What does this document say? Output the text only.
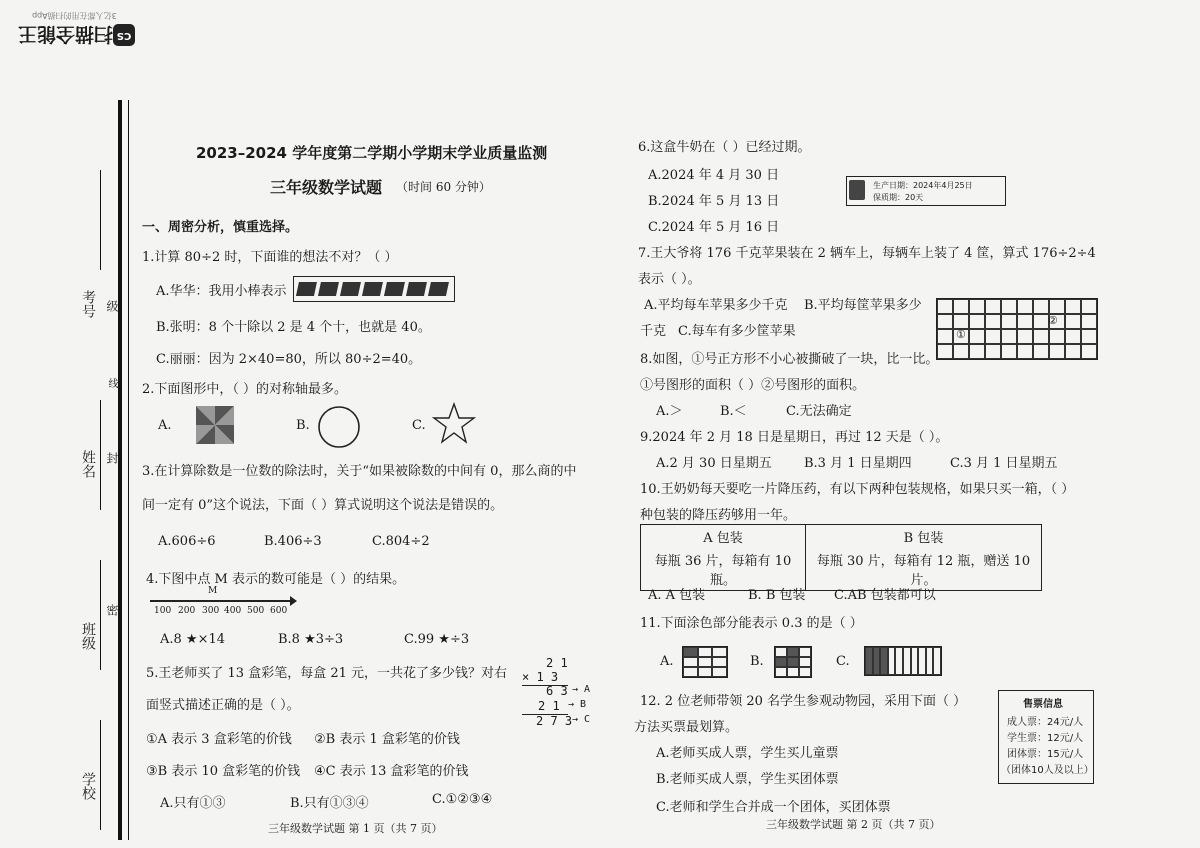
扫描全能王 CS
3亿人都在用的扫描App
考号
姓名
班级
学校
级
封
线
密
2023–2024 学年度第二学期小学期末学业质量监测
三年级数学试题 （时间 60 分钟）
一、周密分析，慎重选择。
1.计算 80÷2 时，下面谁的想法不对？（ ）
A.华华：我用小棒表示
B.张明：8 个十除以 2 是 4 个十，也就是 40。
C.丽丽：因为 2×40=80，所以 80÷2=40。
2.下面图形中，（ ）的对称轴最多。
A.	B.	C.
3.在计算除数是一位数的除法时，关于“如果被除数的中间有 0，那么商的中
间一定有 0”这个说法，下面（ ）算式说明这个说法是错误的。
A.606÷6	B.406÷3	C.804÷2
4.下图中点 M 表示的数可能是（ ）的结果。
M
100 200 300 400 500 600
A.8 ★×14	B.8 ★3÷3	C.99 ★÷3
5.王老师买了 13 盒彩笔，每盒 21 元，一共花了多少钱？对右
面竖式描述正确的是（ ）。
2 1
× 1 3
6 3 → A
2 1 → B
2 7 3 → C
①A 表示 3 盒彩笔的价钱 ②B 表示 1 盒彩笔的价钱
③B 表示 10 盒彩笔的价钱 ④C 表示 13 盒彩笔的价钱
A.只有①③	B.只有①③④	C.①②③④
三年级数学试题 第 1 页（共 7 页）
6.这盒牛奶在（ ）已经过期。
A.2024 年 4 月 30 日
B.2024 年 5 月 13 日
C.2024 年 5 月 16 日
生产日期：2024年4月25日
保质期：20天
7.王大爷将 176 千克苹果装在 2 辆车上，每辆车上装了 4 筐，算式 176÷2÷4
表示（ ）。
A.平均每车苹果多少千克 B.平均每筐苹果多少
千克 C.每车有多少筐苹果	①
②
8.如图，①号正方形不小心被撕破了一块，比一比。
①号图形的面积（ ）②号图形的面积。
A.＞	B.＜	C.无法确定
9.2024 年 2 月 18 日是星期日，再过 12 天是（ ）。
A.2 月 30 日星期五 B.3 月 1 日星期四	C.3 月 1 日星期五
10.王奶奶每天要吃一片降压药，有以下两种包装规格，如果只买一箱，（ ）
种包装的降压药够用一年。
A 包装	B 包装
每瓶 36 片，每箱有 10 瓶。	每瓶 30 片，每箱有 12 瓶，赠送 10 片。
A. A 包装	B. B 包装 C.AB 包装都可以
11.下面涂色部分能表示 0.3 的是（ ）
A.	B.	C.
12. 2 位老师带领 20 名学生参观动物园，采用下面（ ）
方法买票最划算。
A.老师买成人票，学生买儿童票
B.老师买成人票，学生买团体票
C.老师和学生合并成一个团体，买团体票
售票信息
成人票：24元/人
学生票：12元/人
团体票：15元/人
（团体10人及以上）
三年级数学试题 第 2 页（共 7 页）
